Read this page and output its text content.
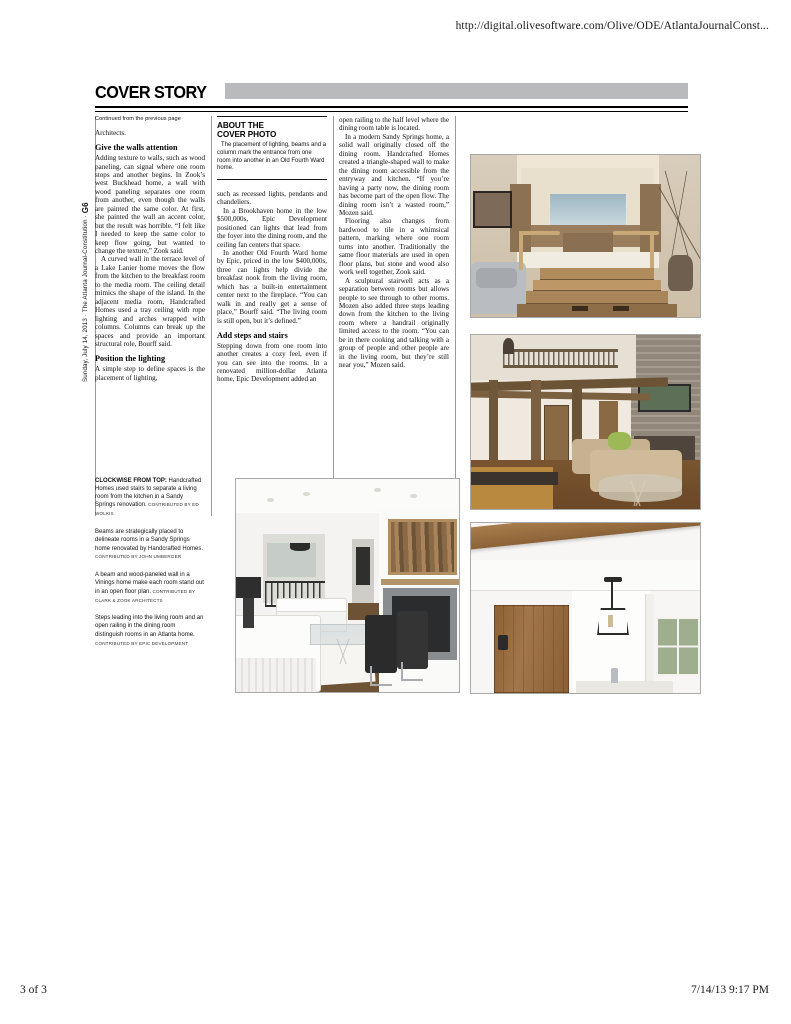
http://digital.olivesoftware.com/Olive/ODE/AtlantaJournalConst...
Sunday, July 14, 2013 · The Atlanta Journal-Constitution · G6
COVER STORY

Continued from the previous page

Architects.

Give the walls attention

Adding texture to walls, such as wood paneling, can signal where one room stops and another begins. In Zook’s west Buckhead home, a wall with wood paneling separates one room from another, even though the walls are painted the same color. At first, she painted the wall an accent color, but the result was horrible. “I felt like I needed to keep the same color to keep flow going, but wanted to change the texture,” Zook said.

A curved wall in the terrace level of a Lake Lanier home moves the flow from the kitchen to the breakfast room to the media room. The ceiling detail mimics the shape of the island. In the adjacent media room, Handcrafted Homes used a tray ceiling with rope lighting and arches wrapped with columns. Columns can break up the spaces and provide an important structural role, Bourff said.

Position the lighting

A simple step to define spaces is the placement of lighting,

ABOUT THE
COVER PHOTO

The placement of lighting, beams and a column mark the entrance from one room into another in an Old Fourth Ward home.

such as recessed lights, pendants and chandeliers.

In a Brookhaven home in the low $500,000s, Epic Development positioned can lights that lead from the foyer into the dining room, and the ceiling fan centers that space.

In another Old Fourth Ward home by Epic, priced in the low $400,000s, three can lights help divide the breakfast nook from the living room, which has a built-in entertainment center next to the fireplace. “You can walk in and really get a sense of place,” Bourff said. “The living room is still open, but it’s defined.”

Add steps and stairs

Stepping down from one room into another creates a cozy feel, even if you can see into the rooms. In a renovated million-dollar Atlanta home, Epic Development added an

open railing to the half level where the dining room table is located.

In a modern Sandy Springs home, a solid wall originally closed off the dining room. Handcrafted Homes created a triangle-shaped wall to make the dining room accessible from the entryway and kitchen. “If you’re having a party now, the dining room has become part of the open flow. The dining room isn’t a wasted room,” Mozen said.

Flooring also changes from hardwood to tile in a whimsical pattern, marking where one room turns into another. Traditionally the same floor materials are used in open floor plans, but stone and wood also work well together, Zook said.

A sculptural stairwell acts as a separation between rooms but allows people to see through to other rooms. Mozen also added three steps leading down from the kitchen to the living room where a handrail originally limited access to the room. “You can be in there cooking and talking with a group of people and other people are in the living room, but they’re still near you,” Mozen said.

CLOCKWISE FROM TOP: Handcrafted Homes used stairs to separate a living room from the kitchen in a Sandy Springs renovation. CONTRIBUTED BY ED WOLKIS

Beams are strategically placed to delineate rooms in a Sandy Springs home renovated by Handcrafted Homes. CONTRIBUTED BY JOHN UMBERGER

A beam and wood-paneled wall in a Vinings home make each room stand out in an open floor plan. CONTRIBUTED BY CLARK & ZOOK ARCHITECTS

Steps leading into the living room and an open railing in the dining room distinguish rooms in an Atlanta home. CONTRIBUTED BY EPIC DEVELOPMENT

3 of 3	7/14/13 9:17 PM
